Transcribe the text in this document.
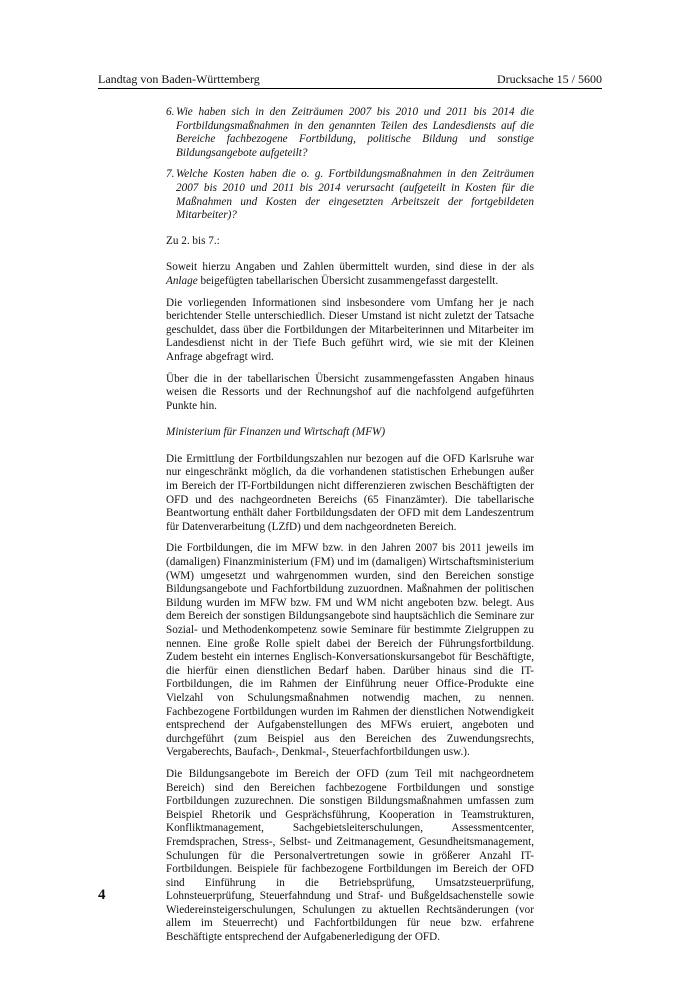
Landtag von Baden-Württemberg	Drucksache 15 / 5600
6. Wie haben sich in den Zeiträumen 2007 bis 2010 und 2011 bis 2014 die Fortbildungsmaßnahmen in den genannten Teilen des Landesdiensts auf die Bereiche fachbezogene Fortbildung, politische Bildung und sonstige Bildungsangebote aufgeteilt?
7. Welche Kosten haben die o. g. Fortbildungsmaßnahmen in den Zeiträumen 2007 bis 2010 und 2011 bis 2014 verursacht (aufgeteilt in Kosten für die Maßnahmen und Kosten der eingesetzten Arbeitszeit der fortgebildeten Mitarbeiter)?

Zu 2. bis 7.:

Soweit hierzu Angaben und Zahlen übermittelt wurden, sind diese in der als Anlage beigefügten tabellarischen Übersicht zusammengefasst dargestellt.

Die vorliegenden Informationen sind insbesondere vom Umfang her je nach berichtender Stelle unterschiedlich. Dieser Umstand ist nicht zuletzt der Tatsache geschuldet, dass über die Fortbildungen der Mitarbeiterinnen und Mitarbeiter im Landesdienst nicht in der Tiefe Buch geführt wird, wie sie mit der Kleinen Anfrage abgefragt wird.

Über die in der tabellarischen Übersicht zusammengefassten Angaben hinaus weisen die Ressorts und der Rechnungshof auf die nachfolgend aufgeführten Punkte hin.

Ministerium für Finanzen und Wirtschaft (MFW)

Die Ermittlung der Fortbildungszahlen nur bezogen auf die OFD Karlsruhe war nur eingeschränkt möglich, da die vorhandenen statistischen Erhebungen außer im Bereich der IT-Fortbildungen nicht differenzieren zwischen Beschäftigten der OFD und des nachgeordneten Bereichs (65 Finanzämter). Die tabellarische Beantwortung enthält daher Fortbildungsdaten der OFD mit dem Landeszentrum für Datenverarbeitung (LZfD) und dem nachgeordneten Bereich.

Die Fortbildungen, die im MFW bzw. in den Jahren 2007 bis 2011 jeweils im (damaligen) Finanzministerium (FM) und im (damaligen) Wirtschaftsministerium (WM) umgesetzt und wahrgenommen wurden, sind den Bereichen sonstige Bildungsangebote und Fachfortbildung zuzuordnen. Maßnahmen der politischen Bildung wurden im MFW bzw. FM und WM nicht angeboten bzw. belegt. Aus dem Bereich der sonstigen Bildungsangebote sind hauptsächlich die Seminare zur Sozial- und Methodenkompetenz sowie Seminare für bestimmte Zielgruppen zu nennen. Eine große Rolle spielt dabei der Bereich der Führungsfortbildung. Zudem besteht ein internes Englisch-Konversationskursangebot für Beschäftigte, die hierfür einen dienstlichen Bedarf haben. Darüber hinaus sind die IT-Fortbildungen, die im Rahmen der Einführung neuer Office-Produkte eine Vielzahl von Schulungsmaßnahmen notwendig machen, zu nennen. Fachbezogene Fortbildungen wurden im Rahmen der dienstlichen Notwendigkeit entsprechend der Aufgabenstellungen des MFWs eruiert, angeboten und durchgeführt (zum Beispiel aus den Bereichen des Zuwendungsrechts, Vergaberechts, Baufach-, Denkmal-, Steuerfachfortbildungen usw.).

Die Bildungsangebote im Bereich der OFD (zum Teil mit nachgeordnetem Bereich) sind den Bereichen fachbezogene Fortbildungen und sonstige Fortbildungen zuzurechnen. Die sonstigen Bildungsmaßnahmen umfassen zum Beispiel Rhetorik und Gesprächsführung, Kooperation in Teamstrukturen, Konfliktmanagement, Sachgebietsleiterschulungen, Assessmentcenter, Fremdsprachen, Stress-, Selbst- und Zeitmanagement, Gesundheitsmanagement, Schulungen für die Personalvertretungen sowie in größerer Anzahl IT-Fortbildungen. Beispiele für fachbezogene Fortbildungen im Bereich der OFD sind Einführung in die Betriebsprüfung, Umsatzsteuerprüfung, Lohnsteuerprüfung, Steuerfahndung und Straf- und Bußgeldsachenstelle sowie Wiedereinsteigerschulungen, Schulungen zu aktuellen Rechtsänderungen (vor allem im Steuerrecht) und Fachfortbildungen für neue bzw. erfahrene Beschäftigte entsprechend der Aufgabenerledigung der OFD.

4
